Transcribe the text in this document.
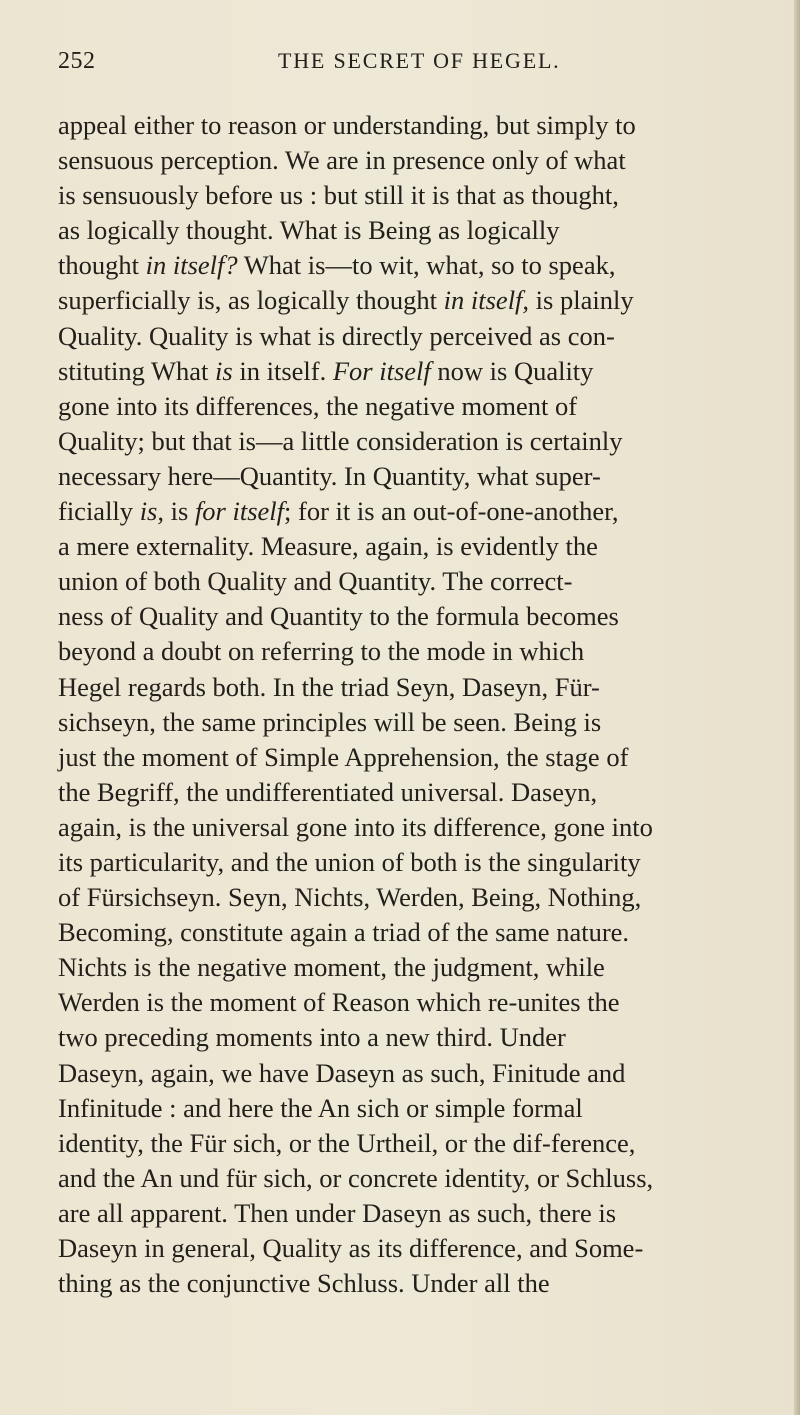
252	THE SECRET OF HEGEL.
appeal either to reason or understanding, but simply to
sensuous perception. We are in presence only of what
is sensuously before us : but still it is that as thought,
as logically thought. What is Being as logically
thought in itself? What is—to wit, what, so to speak,
superficially is, as logically thought in itself, is plainly
Quality. Quality is what is directly perceived as con-
stituting What is in itself. For itself now is Quality
gone into its differences, the negative moment of
Quality; but that is—a little consideration is certainly
necessary here—Quantity. In Quantity, what super-
ficially is, is for itself; for it is an out-of-one-another,
a mere externality. Measure, again, is evidently the
union of both Quality and Quantity. The correct-
ness of Quality and Quantity to the formula becomes
beyond a doubt on referring to the mode in which
Hegel regards both. In the triad Seyn, Daseyn, Für-
sichseyn, the same principles will be seen. Being is
just the moment of Simple Apprehension, the stage of
the Begriff, the undifferentiated universal. Daseyn,
again, is the universal gone into its difference, gone into
its particularity, and the union of both is the singularity
of Fürsichseyn. Seyn, Nichts, Werden, Being, Nothing,
Becoming, constitute again a triad of the same nature.
Nichts is the negative moment, the judgment, while
Werden is the moment of Reason which re-unites the
two preceding moments into a new third. Under
Daseyn, again, we have Daseyn as such, Finitude and
Infinitude : and here the An sich or simple formal
identity, the Für sich, or the Urtheil, or the dif-ference,
and the An und für sich, or concrete identity, or Schluss,
are all apparent. Then under Daseyn as such, there is
Daseyn in general, Quality as its difference, and Some-
thing as the conjunctive Schluss. Under all the
